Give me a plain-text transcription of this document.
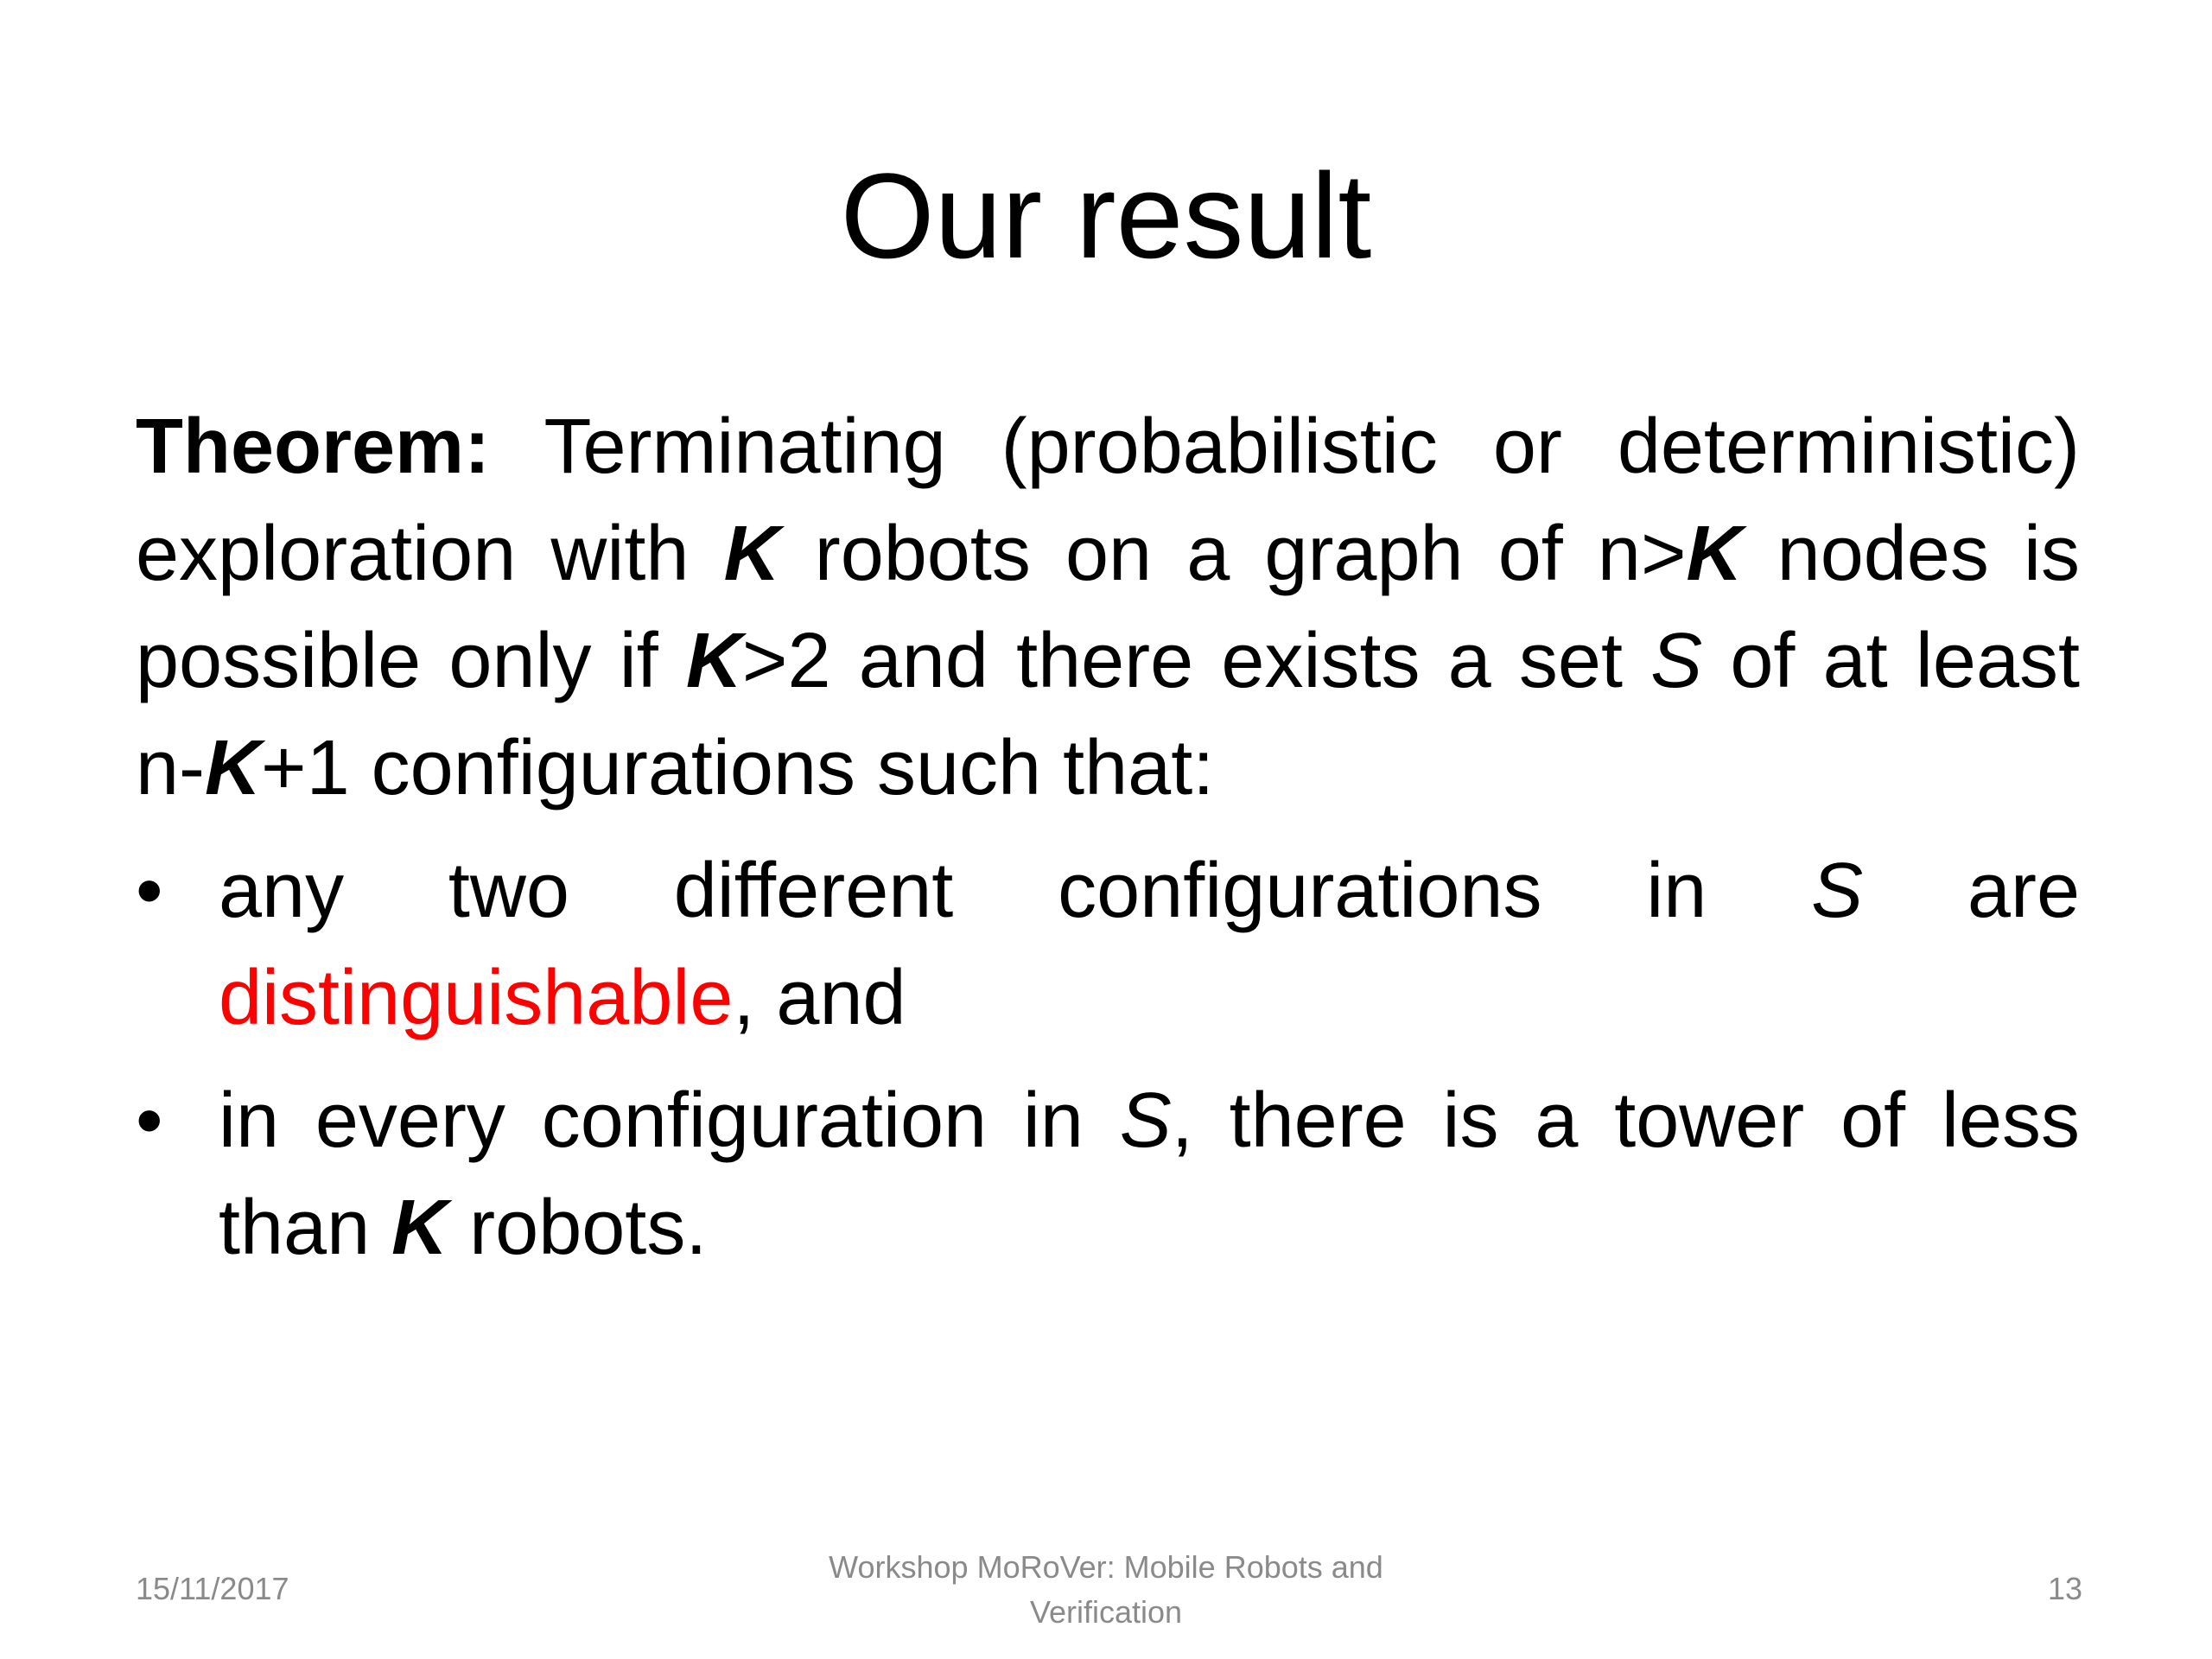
Our result

Theorem: Terminating (probabilistic or deterministic) exploration with K robots on a graph of n>K nodes is possible only if K>2 and there exists a set S of at least n-K+1 configurations such that:

• any two different configurations in S are distinguishable, and
• in every configuration in S, there is a tower of less than K robots.
15/11/2017
Workshop MoRoVer: Mobile Robots and Verification
13
